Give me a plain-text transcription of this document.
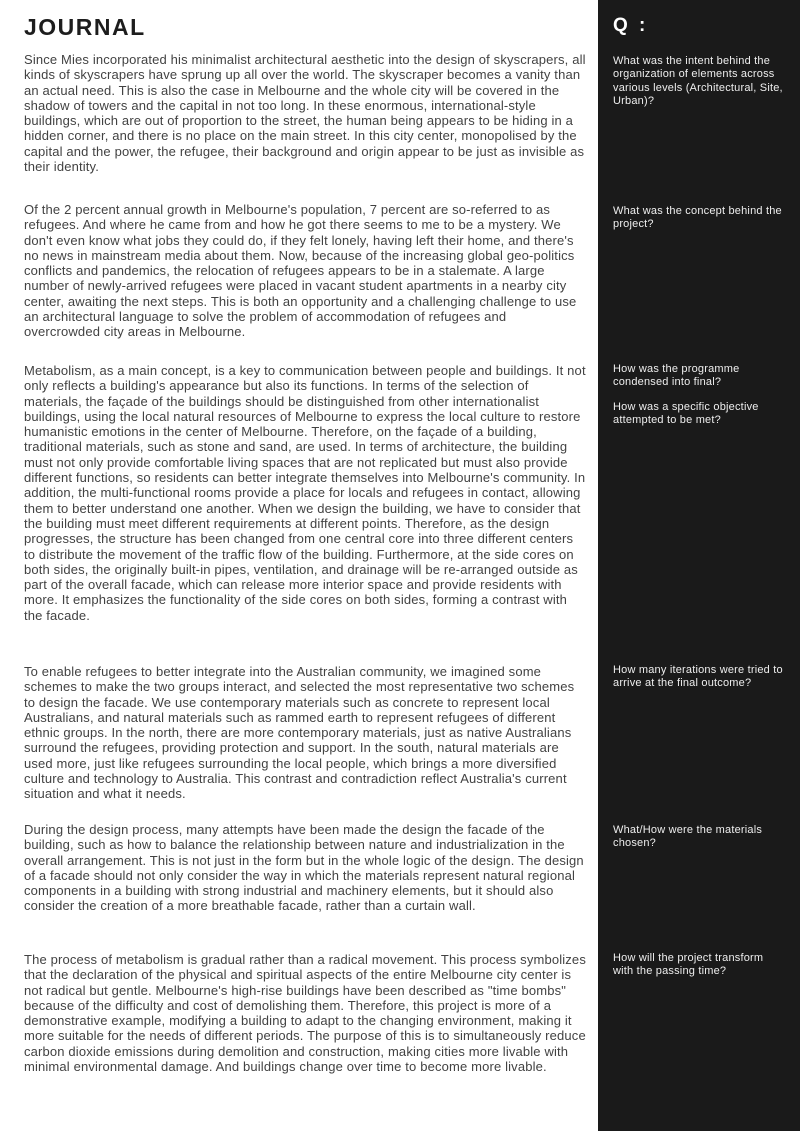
JOURNAL

Since Mies incorporated his minimalist architectural aesthetic into the design of skyscrapers, all kinds of skyscrapers have sprung up all over the world. The skyscraper becomes a vanity than an actual need. This is also the case in Melbourne and the whole city will be covered in the shadow of towers and the capital in not too long. In these enormous, international-style buildings, which are out of proportion to the street, the human being appears to be hiding in a hidden corner, and there is no place on the main street. In this city center, monopolised by the capital and the power, the refugee, their background and origin appear to be just as invisible as their identity.

Of the 2 percent annual growth in Melbourne's population, 7 percent are so-referred to as refugees. And where he came from and how he got there seems to me to be a mystery. We don't even know what jobs they could do, if they felt lonely, having left their home, and there's no news in mainstream media about them. Now, because of the increasing global geo-politics conflicts and pandemics, the relocation of refugees appears to be in a stalemate. A large number of newly-arrived refugees were placed in vacant student apartments in a nearby city center, awaiting the next steps. This is both an opportunity and a challenging challenge to use an architectural language to solve the problem of accommodation of refugees and overcrowded city areas in Melbourne.

Metabolism, as a main concept, is a key to communication between people and buildings. It not only reflects a building's appearance but also its functions. In terms of the selection of materials, the façade of the buildings should be distinguished from other internationalist buildings, using the local natural resources of Melbourne to express the local culture to restore humanistic emotions in the center of Melbourne. Therefore, on the façade of a building, traditional materials, such as stone and sand, are used. In terms of architecture, the building must not only provide comfortable living spaces that are not replicated but must also provide different functions, so residents can better integrate themselves into Melbourne's community. In addition, the multi-functional rooms provide a place for locals and refugees in contact, allowing them to better understand one another. When we design the building, we have to consider that the building must meet different requirements at different points. Therefore, as the design progresses, the structure has been changed from one central core into three different centers to distribute the movement of the traffic flow of the building. Furthermore, at the side cores on both sides, the originally built-in pipes, ventilation, and drainage will be re-arranged outside as part of the overall facade, which can release more interior space and provide residents with more. It emphasizes the functionality of the side cores on both sides, forming a contrast with the facade.

To enable refugees to better integrate into the Australian community, we imagined some schemes to make the two groups interact, and selected the most representative two schemes to design the facade. We use contemporary materials such as concrete to represent local Australians, and natural materials such as rammed earth to represent refugees of different ethnic groups. In the north, there are more contemporary materials, just as native Australians surround the refugees, providing protection and support. In the south, natural materials are used more, just like refugees surrounding the local people, which brings a more diversified culture and technology to Australia. This contrast and contradiction reflect Australia's current situation and what it needs.

During the design process, many attempts have been made the design the facade of the building, such as how to balance the relationship between nature and industrialization in the overall arrangement. This is not just in the form but in the whole logic of the design. The design of a facade should not only consider the way in which the materials represent natural regional components in a building with strong industrial and machinery elements, but it should also consider the creation of a more breathable facade, rather than a curtain wall.

The process of metabolism is gradual rather than a radical movement. This process symbolizes that the declaration of the physical and spiritual aspects of the entire Melbourne city center is not radical but gentle. Melbourne's high-rise buildings have been described as "time bombs" because of the difficulty and cost of demolishing them. Therefore, this project is more of a demonstrative example, modifying a building to adapt to the changing environment, making it more suitable for the needs of different periods. The purpose of this is to simultaneously reduce carbon dioxide emissions during demolition and construction, making cities more livable with minimal environmental damage. And buildings change over time to become more livable.

Q :

What was the intent behind the organization of elements across various levels (Architectural, Site, Urban)?

What was the concept behind the project?

How was the programme condensed into final?

How was a specific objective attempted to be met?

How many iterations were tried to arrive at the final outcome?

What/How were the materials chosen?

How will the project transform with the passing time?
